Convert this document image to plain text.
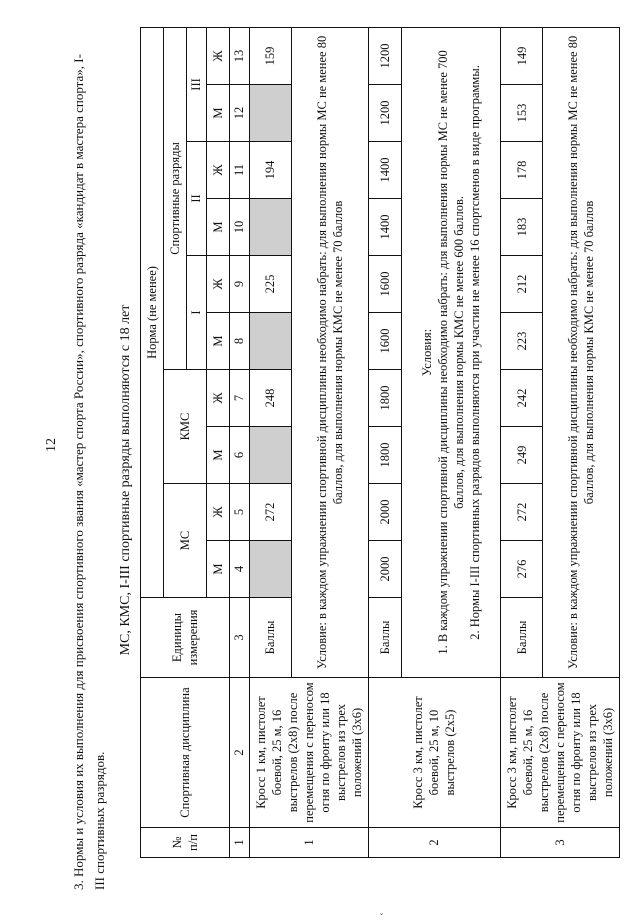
12 3. Нормы и условия их выполнения для присвоения спортивного звания «мастер спорта России», спортивного разряда «кандидат в мастера спорта», I-III спортивных разрядов.
МС, КМС, I-III спортивные разряды выполняются с 18 лет
№ п/п	Спортивная дисциплина	Единицы измерения	Норма (не менее)									
			МС		КМС		Спортивные разряды					
							I		II		III	
			М	Ж	М	Ж	М	Ж	М	Ж	М	Ж
1	2	3	4	5	6	7	8	9	10	11	12	13
1	Кросс 1 км, пистолет боевой, 25 м, 16 выстрелов (2х8) после перемещения с переносом огня по фронту или 18 выстрелов из трех положений (3х6)	Баллы		272		248		225		194		159
		Условие: в каждом упражнении спортивной дисциплины необходимо набрать: для выполнения нормы МС не менее 80 баллов, для выполнения нормы КМС не менее 70 баллов										
2	Кросс 3 км, пистолет боевой, 25 м, 10 выстрелов (2х5)	Баллы	2000	2000	1800	1800	1600	1600	1400	1400	1200	1200
		Условия:
1. В каждом упражнении спортивной дисциплины необходимо набрать: для выполнения нормы МС не менее 700 баллов, для выполнения нормы КМС не менее 600 баллов.
2. Нормы I-III спортивных разрядов выполняются при участии не менее 16 спортсменов в виде программы.										
3	Кросс 3 км, пистолет боевой, 25 м, 16 выстрелов (2х8) после перемещения с переносом огня по фронту или 18 выстрелов из трех положений (3х6)	Баллы	276	272	249	242	223	212	183	178	153	149
		Условие: в каждом упражнении спортивной дисциплины необходимо набрать: для выполнения нормы МС не менее 80 баллов, для выполнения нормы КМС не менее 70 баллов										
˘
